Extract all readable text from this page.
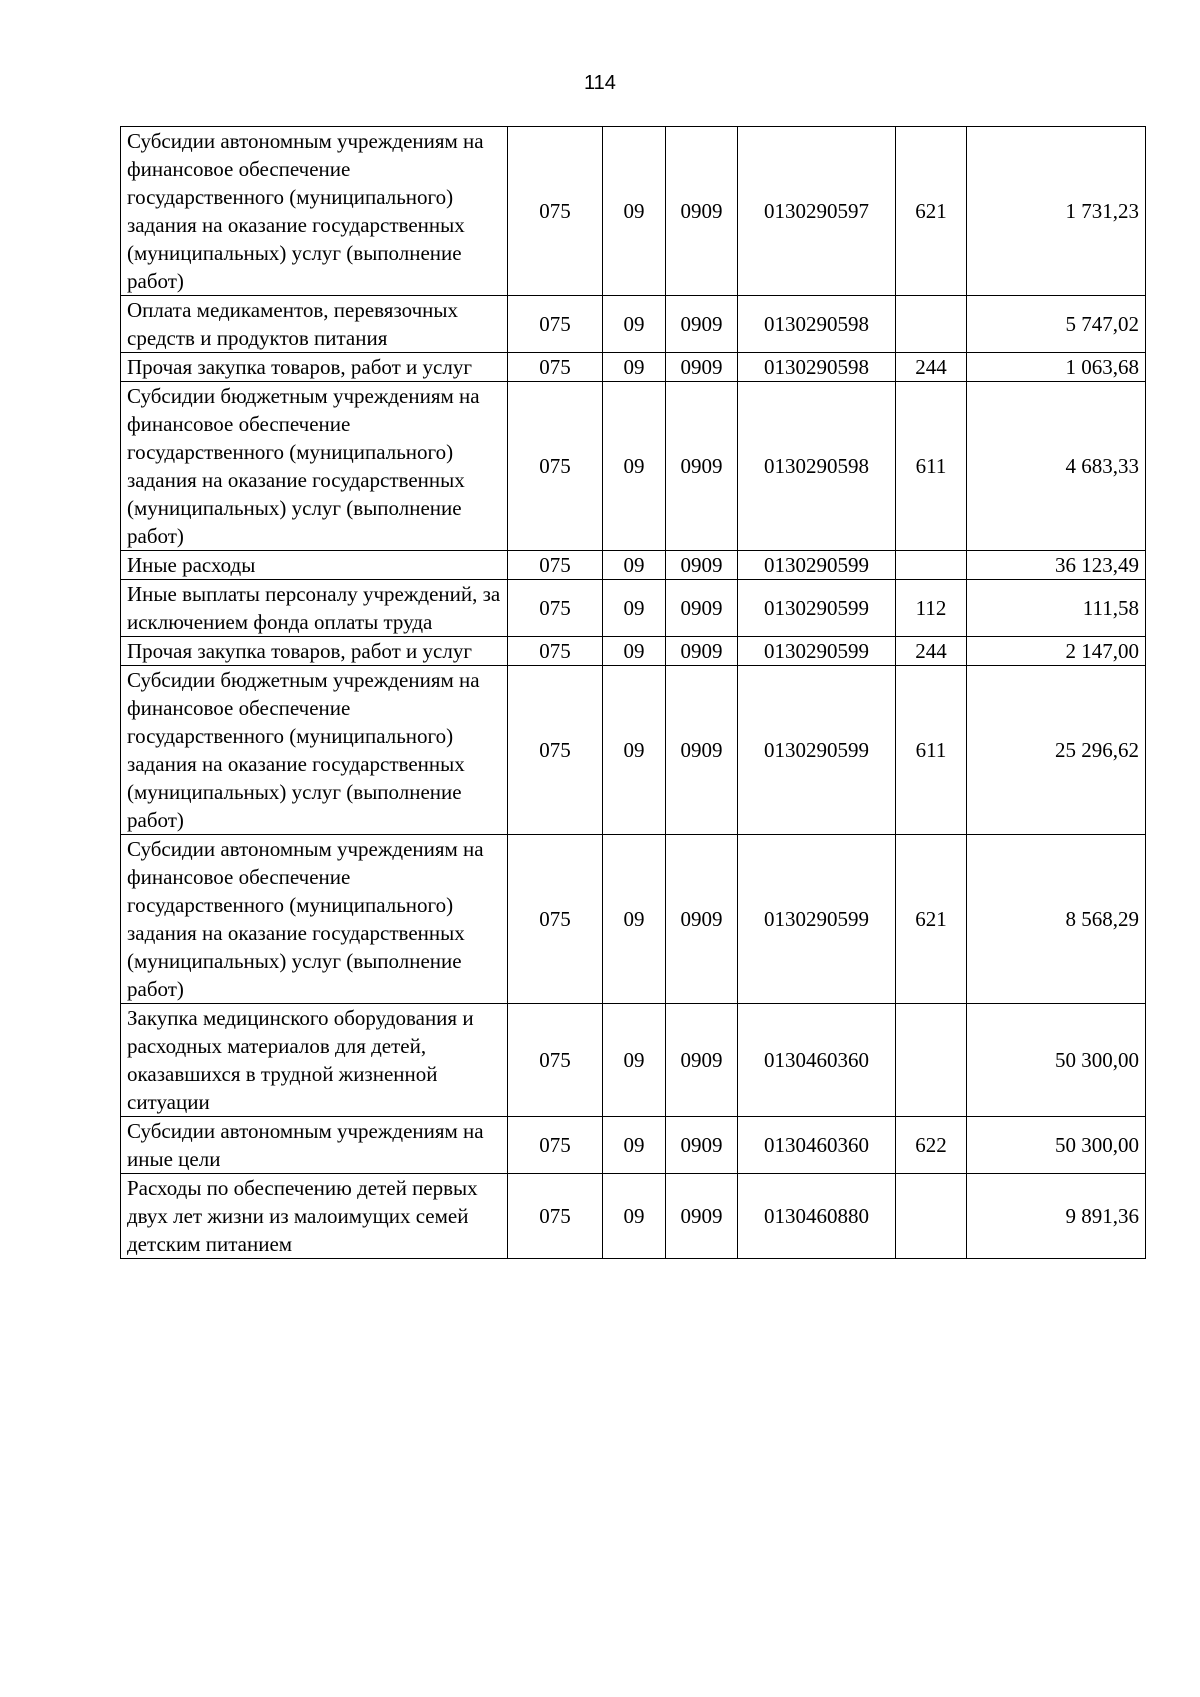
114
Субсидии автономным учреждениям на финансовое обеспечение государственного (муниципального) задания на оказание государственных (муниципальных) услуг (выполнение работ)	075	09	0909	0130290597	621	1 731,23
Оплата медикаментов, перевязочных средств и продуктов питания	075	09	0909	0130290598		5 747,02
Прочая закупка товаров, работ и услуг	075	09	0909	0130290598	244	1 063,68
Субсидии бюджетным учреждениям на финансовое обеспечение государственного (муниципального) задания на оказание государственных (муниципальных) услуг (выполнение работ)	075	09	0909	0130290598	611	4 683,33
Иные расходы	075	09	0909	0130290599		36 123,49
Иные выплаты персоналу учреждений, за исключением фонда оплаты труда	075	09	0909	0130290599	112	111,58
Прочая закупка товаров, работ и услуг	075	09	0909	0130290599	244	2 147,00
Субсидии бюджетным учреждениям на финансовое обеспечение государственного (муниципального) задания на оказание государственных (муниципальных) услуг (выполнение работ)	075	09	0909	0130290599	611	25 296,62
Субсидии автономным учреждениям на финансовое обеспечение государственного (муниципального) задания на оказание государственных (муниципальных) услуг (выполнение работ)	075	09	0909	0130290599	621	8 568,29
Закупка медицинского оборудования и расходных материалов для детей, оказавшихся в трудной жизненной ситуации	075	09	0909	0130460360		50 300,00
Субсидии автономным учреждениям на иные цели	075	09	0909	0130460360	622	50 300,00
Расходы по обеспечению детей первых двух лет жизни из малоимущих семей детским питанием	075	09	0909	0130460880		9 891,36
